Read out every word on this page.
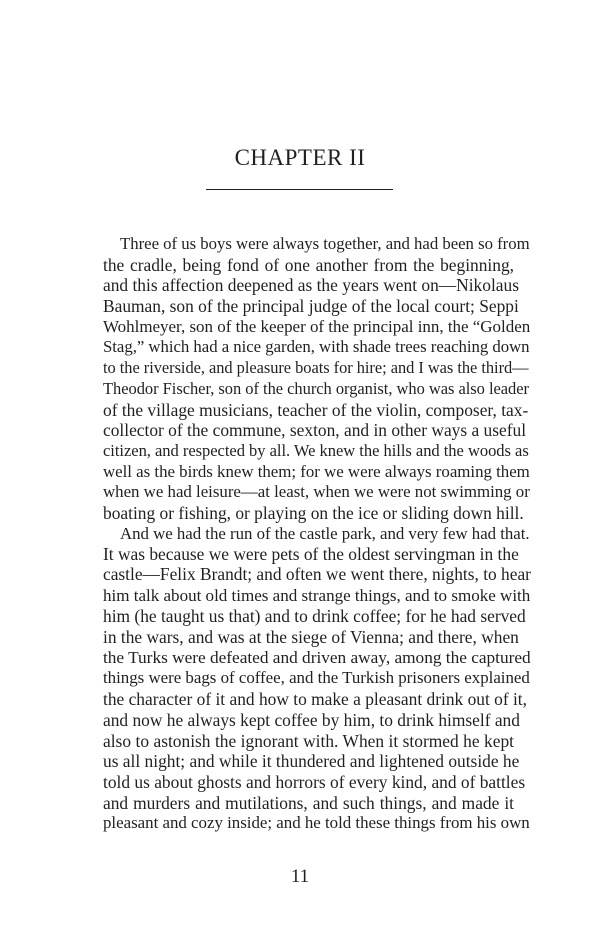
CHAPTER II
Three of us boys were always together, and had been so from
the cradle, being fond of one another from the beginning,
and this affection deepened as the years went on—Nikolaus
Bauman, son of the principal judge of the local court; Seppi
Wohlmeyer, son of the keeper of the principal inn, the “Golden
Stag,” which had a nice garden, with shade trees reaching down
to the riverside, and pleasure boats for hire; and I was the third—
Theodor Fischer, son of the church organist, who was also leader
of the village musicians, teacher of the violin, composer, tax-
collector of the commune, sexton, and in other ways a useful
citizen, and respected by all. We knew the hills and the woods as
well as the birds knew them; for we were always roaming them
when we had leisure—at least, when we were not swimming or
boating or fishing, or playing on the ice or sliding down hill.
And we had the run of the castle park, and very few had that.
It was because we were pets of the oldest servingman in the
castle—Felix Brandt; and often we went there, nights, to hear
him talk about old times and strange things, and to smoke with
him (he taught us that) and to drink coffee; for he had served
in the wars, and was at the siege of Vienna; and there, when
the Turks were defeated and driven away, among the captured
things were bags of coffee, and the Turkish prisoners explained
the character of it and how to make a pleasant drink out of it,
and now he always kept coffee by him, to drink himself and
also to astonish the ignorant with. When it stormed he kept
us all night; and while it thundered and lightened outside he
told us about ghosts and horrors of every kind, and of battles
and murders and mutilations, and such things, and made it
pleasant and cozy inside; and he told these things from his own
11
